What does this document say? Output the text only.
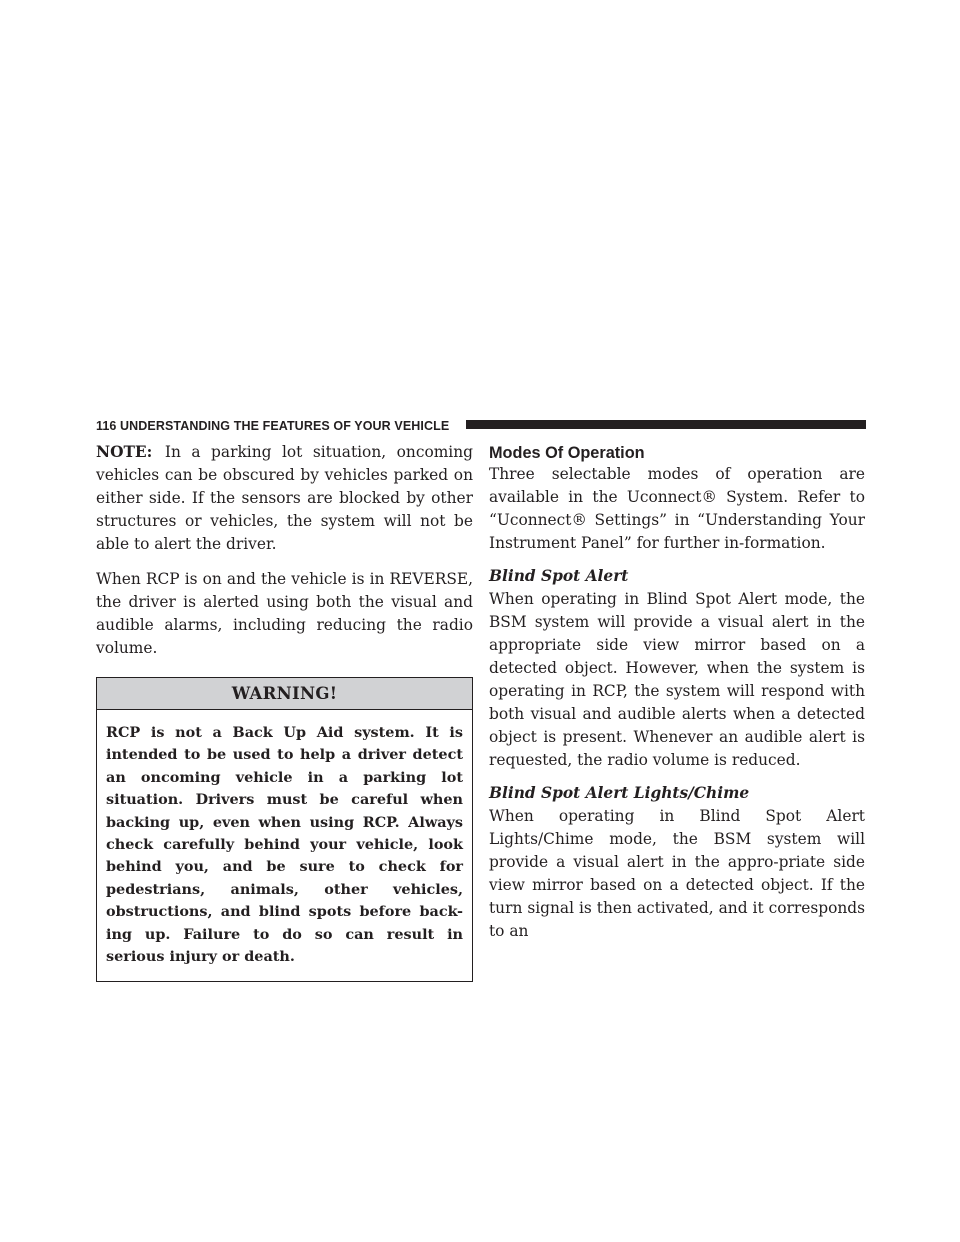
116 UNDERSTANDING THE FEATURES OF YOUR VEHICLE

NOTE: In a parking lot situation, oncoming vehicles can be obscured by vehicles parked on either side. If the sensors are blocked by other structures or vehicles, the system will not be able to alert the driver.

When RCP is on and the vehicle is in REVERSE, the driver is alerted using both the visual and audible alarms, including reducing the radio volume.

WARNING!
RCP is not a Back Up Aid system. It is intended to be used to help a driver detect an oncoming vehicle in a parking lot situation. Drivers must be careful when backing up, even when using RCP. Always check carefully behind your vehicle, look behind you, and be sure to check for pedestrians, animals, other vehicles, obstructions, and blind spots before back-ing up. Failure to do so can result in serious injury or death.
Modes Of Operation

Three selectable modes of operation are available in the Uconnect® System. Refer to “Uconnect® Settings” in “Understanding Your Instrument Panel” for further in-formation.

Blind Spot Alert

When operating in Blind Spot Alert mode, the BSM system will provide a visual alert in the appropriate side view mirror based on a detected object. However, when the system is operating in RCP, the system will respond with both visual and audible alerts when a detected object is present. Whenever an audible alert is requested, the radio volume is reduced.

Blind Spot Alert Lights/Chime

When operating in Blind Spot Alert Lights/Chime mode, the BSM system will provide a visual alert in the appro-priate side view mirror based on a detected object. If the turn signal is then activated, and it corresponds to an
